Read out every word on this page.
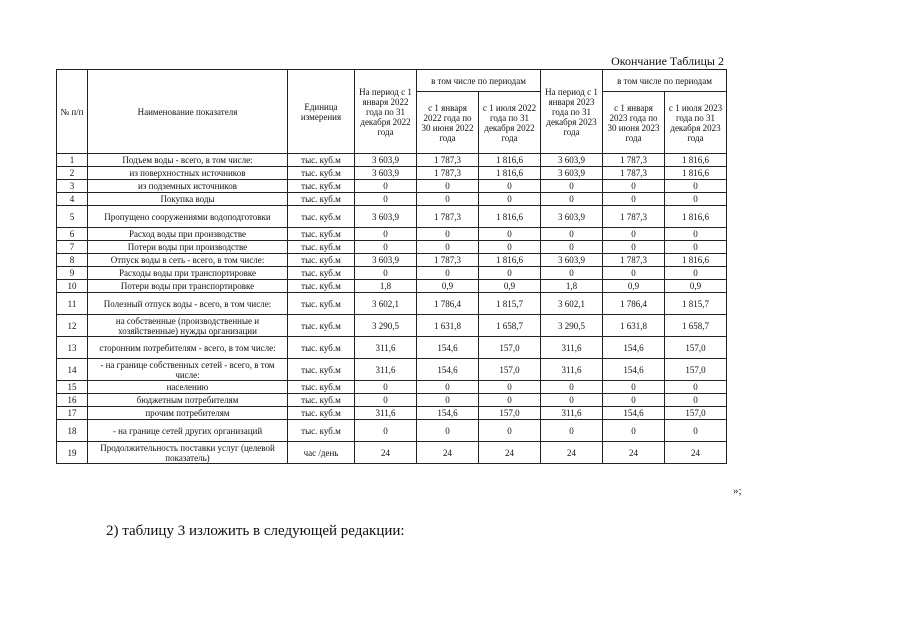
Окончание Таблицы 2
№ п/п	Наименование показателя	Единица измерения	На период с 1 января 2022 года по 31 декабря 2022 года	в том числе по периодам		На период с 1 января 2023 года по 31 декабря 2023 года	в том числе по периодам	
				с 1 января 2022 года по 30 июня 2022 года	с 1 июля 2022 года по 31 декабря 2022 года		с 1 января 2023 года по 30 июня 2023 года	с 1 июля 2023 года по 31 декабря 2023 года
1	Подъем воды - всего, в том числе:	тыс. куб.м	3 603,9	1 787,3	1 816,6	3 603,9	1 787,3	1 816,6
2	из поверхностных источников	тыс. куб.м	3 603,9	1 787,3	1 816,6	3 603,9	1 787,3	1 816,6
3	из подземных источников	тыс. куб.м	0	0	0	0	0	0
4	Покупка воды	тыс. куб.м	0	0	0	0	0	0
5	Пропущено сооружениями водоподготовки	тыс. куб.м	3 603,9	1 787,3	1 816,6	3 603,9	1 787,3	1 816,6
6	Расход воды при производстве	тыс. куб.м	0	0	0	0	0	0
7	Потери воды при производстве	тыс. куб.м	0	0	0	0	0	0
8	Отпуск воды в сеть - всего, в том числе:	тыс. куб.м	3 603,9	1 787,3	1 816,6	3 603,9	1 787,3	1 816,6
9	Расходы воды при транспортировке	тыс. куб.м	0	0	0	0	0	0
10	Потери воды при транспортировке	тыс. куб.м	1,8	0,9	0,9	1,8	0,9	0,9
11	Полезный отпуск воды - всего, в том числе:	тыс. куб.м	3 602,1	1 786,4	1 815,7	3 602,1	1 786,4	1 815,7
12	на собственные (производственные и хозяйственные) нужды организации	тыс. куб.м	3 290,5	1 631,8	1 658,7	3 290,5	1 631,8	1 658,7
13	сторонним потребителям - всего, в том числе:	тыс. куб.м	311,6	154,6	157,0	311,6	154,6	157,0
14	- на границе собственных сетей - всего, в том числе:	тыс. куб.м	311,6	154,6	157,0	311,6	154,6	157,0
15	населению	тыс. куб.м	0	0	0	0	0	0
16	бюджетным потребителям	тыс. куб.м	0	0	0	0	0	0
17	прочим потребителям	тыс. куб.м	311,6	154,6	157,0	311,6	154,6	157,0
18	- на границе сетей других организаций	тыс. куб.м	0	0	0	0	0	0
19	Продолжительность поставки услуг (целевой показатель)	час /день	24	24	24	24	24	24
»;
2) таблицу 3 изложить в следующей редакции:
